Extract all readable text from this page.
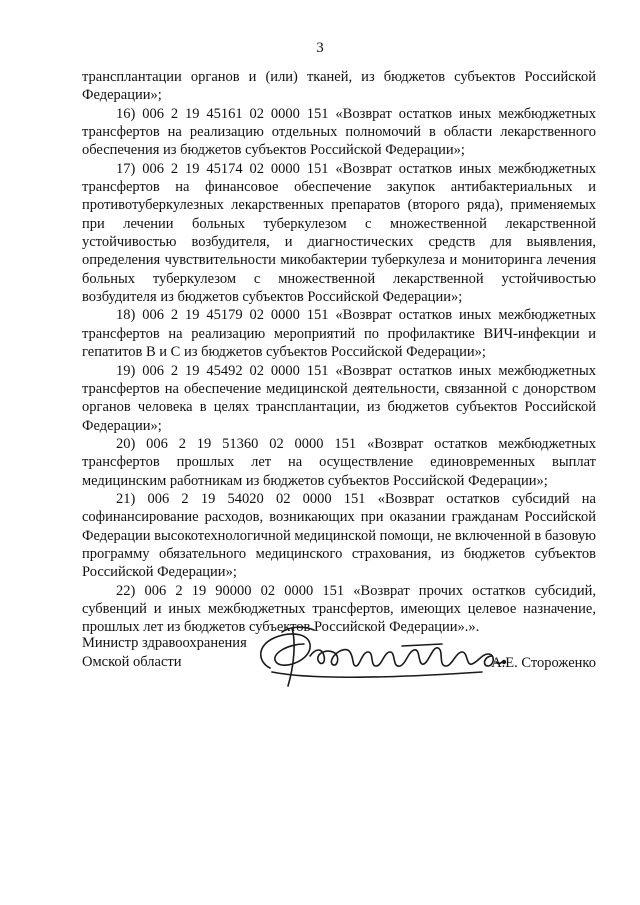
3

трансплантации органов и (или) тканей, из бюджетов субъектов Российской Федерации»;

16) 006 2 19 45161 02 0000 151 «Возврат остатков иных межбюджетных трансфертов на реализацию отдельных полномочий в области лекарственного обеспечения из бюджетов субъектов Российской Федерации»;

17) 006 2 19 45174 02 0000 151 «Возврат остатков иных межбюджетных трансфертов на финансовое обеспечение закупок антибактериальных и противотуберкулезных лекарственных препаратов (второго ряда), применяемых при лечении больных туберкулезом с множественной лекарственной устойчивостью возбудителя, и диагностических средств для выявления, определения чувствительности микобактерии туберкулеза и мониторинга лечения больных туберкулезом с множественной лекарственной устойчивостью возбудителя из бюджетов субъектов Российской Федерации»;

18) 006 2 19 45179 02 0000 151 «Возврат остатков иных межбюджетных трансфертов на реализацию мероприятий по профилактике ВИЧ-инфекции и гепатитов В и С из бюджетов субъектов Российской Федерации»;

19) 006 2 19 45492 02 0000 151 «Возврат остатков иных межбюджетных трансфертов на обеспечение медицинской деятельности, связанной с донорством органов человека в целях трансплантации, из бюджетов субъектов Российской Федерации»;

20) 006 2 19 51360 02 0000 151 «Возврат остатков межбюджетных трансфертов прошлых лет на осуществление единовременных выплат медицинским работникам из бюджетов субъектов Российской Федерации»;

21) 006 2 19 54020 02 0000 151 «Возврат остатков субсидий на софинансирование расходов, возникающих при оказании гражданам Российской Федерации высокотехнологичной медицинской помощи, не включенной в базовую программу обязательного медицинского страхования, из бюджетов субъектов Российской Федерации»;

22) 006 2 19 90000 02 0000 151 «Возврат прочих остатков субсидий, субвенций и иных межбюджетных трансфертов, имеющих целевое назначение, прошлых лет из бюджетов субъектов Российской Федерации».».

Министр здравоохранения
Омской области	А.Е. Стороженко
